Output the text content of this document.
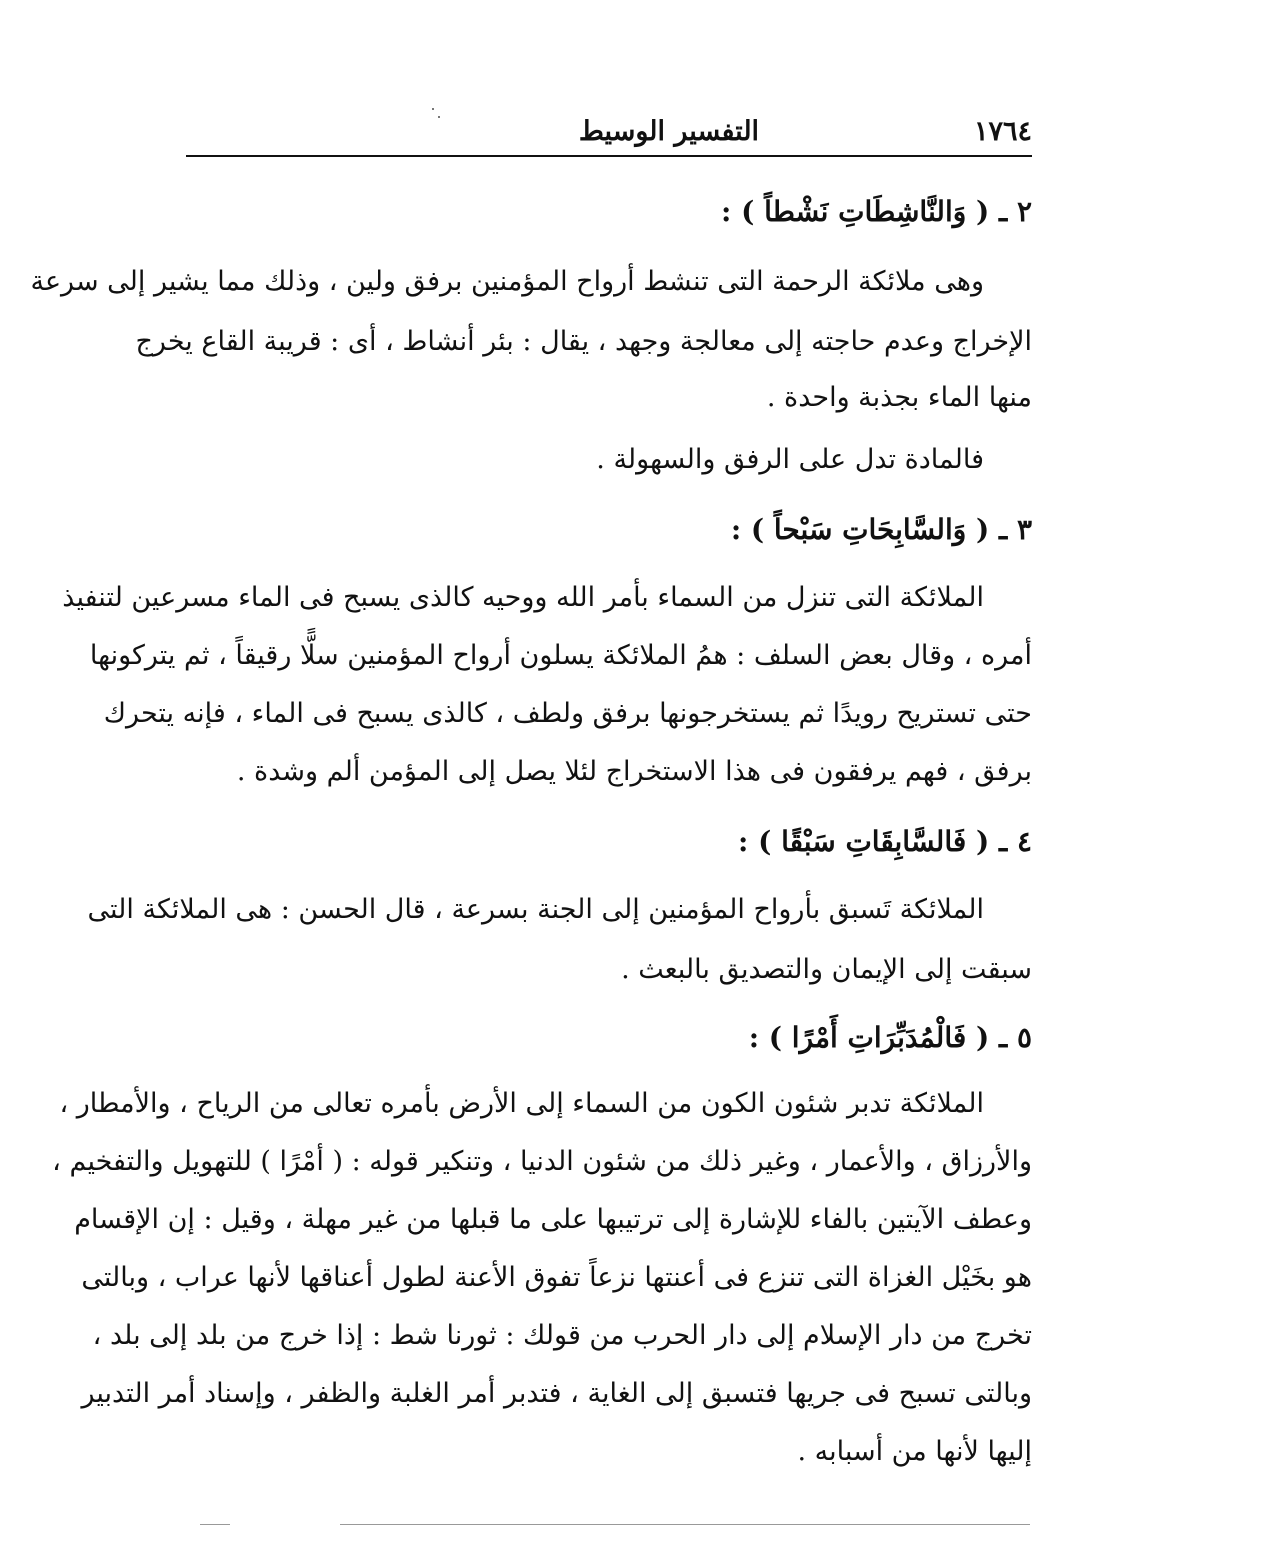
١٧٦٤
التفسير الوسيط
٢ ـ ( وَالنَّاشِطَاتِ نَشْطاً ) :
وهى ملائكة الرحمة التى تنشط أرواح المؤمنين برفق ولين ، وذلك مما يشير إلى سرعة
الإخراج وعدم حاجته إلى معالجة وجهد ، يقال : بئر أنشاط ، أى : قريبة القاع يخرج
منها الماء بجذبة واحدة .
فالمادة تدل على الرفق والسهولة .
٣ ـ ( وَالسَّابِحَاتِ سَبْحاً ) :
الملائكة التى تنزل من السماء بأمر الله ووحيه كالذى يسبح فى الماء مسرعين لتنفيذ
أمره ، وقال بعض السلف : همُ الملائكة يسلون أرواح المؤمنين سلًّا رقيقاً ، ثم يتركونها
حتى تستريح رويدًا ثم يستخرجونها برفق ولطف ، كالذى يسبح فى الماء ، فإنه يتحرك
برفق ، فهم يرفقون فى هذا الاستخراج لئلا يصل إلى المؤمن ألم وشدة .
٤ ـ ( فَالسَّابِقَاتِ سَبْقًا ) :
الملائكة تَسبق بأرواح المؤمنين إلى الجنة بسرعة ، قال الحسن : هى الملائكة التى
سبقت إلى الإيمان والتصديق بالبعث .
٥ ـ ( فَالْمُدَبِّرَاتِ أَمْرًا ) :
الملائكة تدبر شئون الكون من السماء إلى الأرض بأمره تعالى من الرياح ، والأمطار ،
والأرزاق ، والأعمار ، وغير ذلك من شئون الدنيا ، وتنكير قوله : ( أمْرًا ) للتهويل والتفخيم ،
وعطف الآيتين بالفاء للإشارة إلى ترتيبها على ما قبلها من غير مهلة ، وقيل : إن الإقسام
هو بخَيْل الغزاة التى تنزع فى أعنتها نزعاً تفوق الأعنة لطول أعناقها لأنها عراب ، وبالتى
تخرج من دار الإسلام إلى دار الحرب من قولك : ثورنا شط : إذا خرج من بلد إلى بلد ،
وبالتى تسبح فى جريها فتسبق إلى الغاية ، فتدبر أمر الغلبة والظفر ، وإسناد أمر التدبير
إليها لأنها من أسبابه .
